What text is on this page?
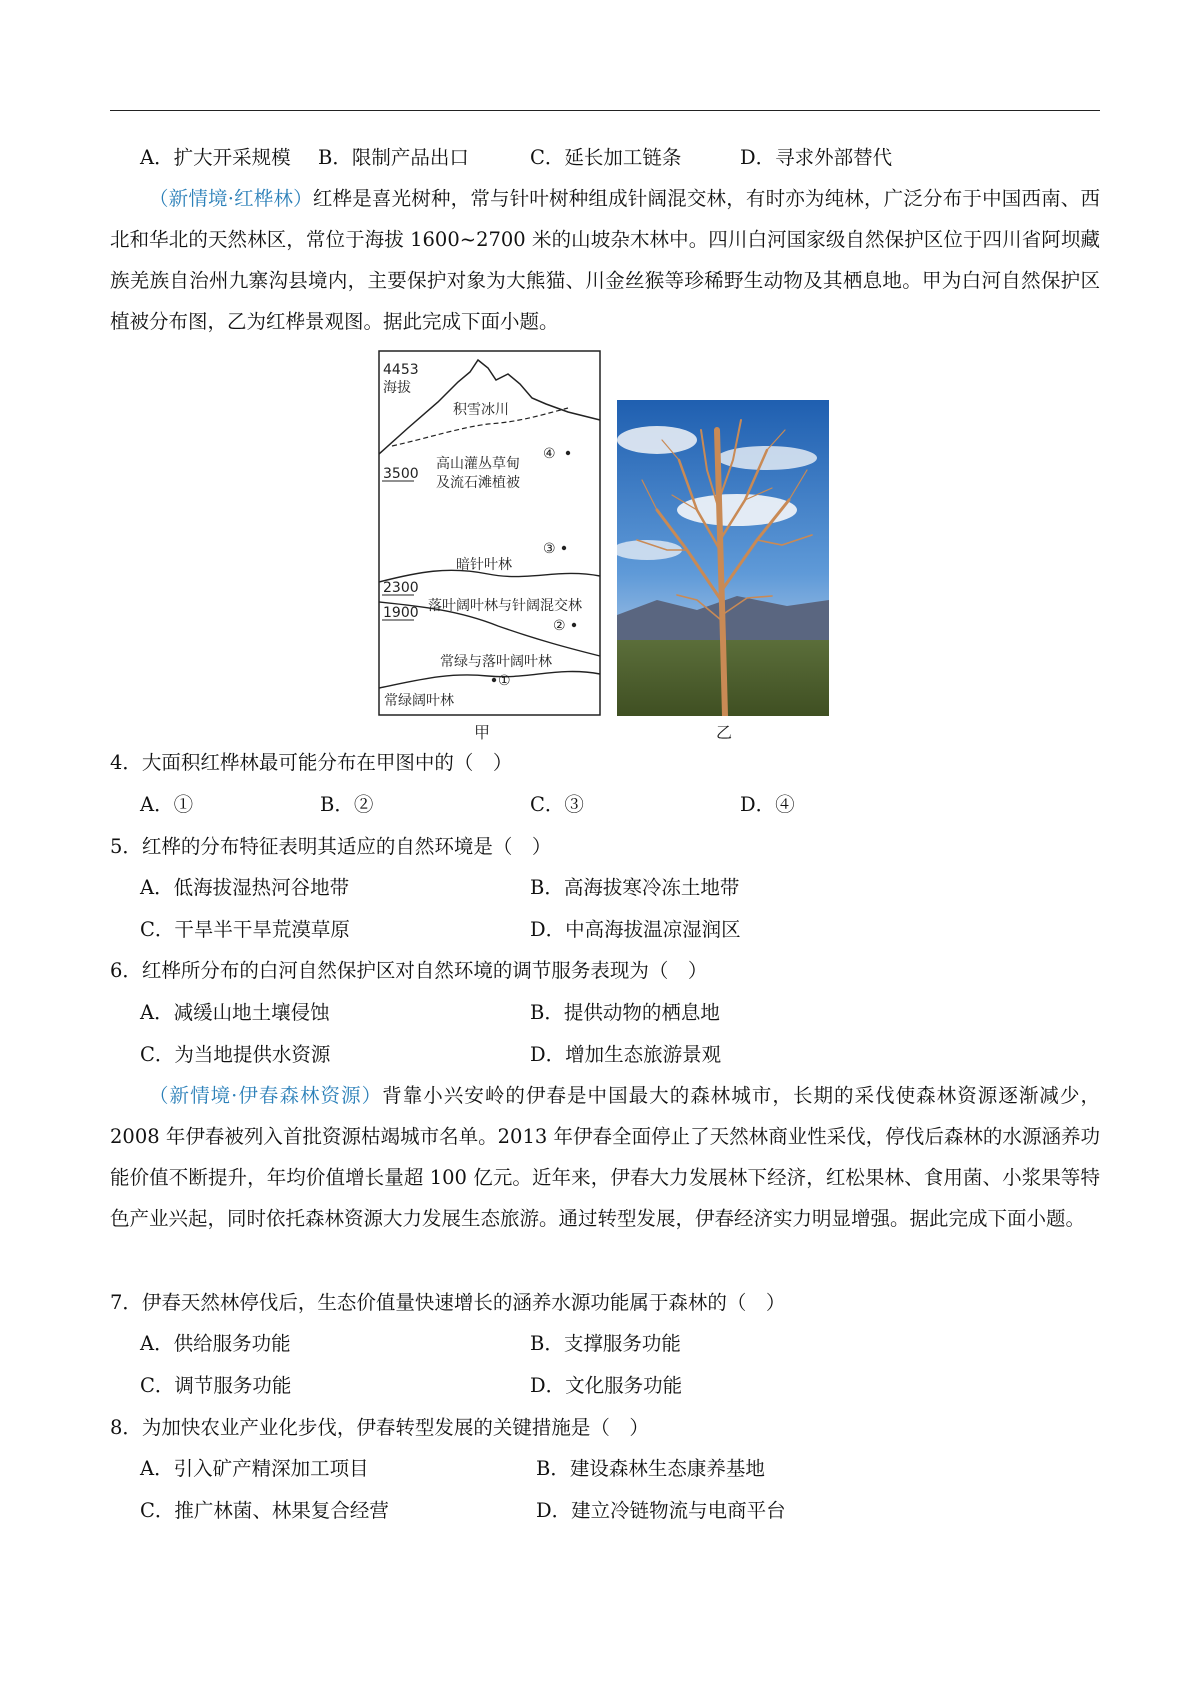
A．扩大开采规模 B．限制产品出口	C．延长加工链条	D．寻求外部替代
（新情境·红桦林）红桦是喜光树种，常与针叶树种组成针阔混交林，有时亦为纯林，广泛分布于中国西南、西北和华北的天然林区，常位于海拔 1600~2700 米的山坡杂木林中。四川白河国家级自然保护区位于四川省阿坝藏族羌族自治州九寨沟县境内，主要保护对象为大熊猫、川金丝猴等珍稀野生动物及其栖息地。甲为白河自然保护区植被分布图，乙为红桦景观图。据此完成下面小题。
4453
海拔
3500
2300
1900
积雪冰川
高山灌丛草甸
及流石滩植被
暗针叶林
落叶阔叶林与针阔混交林
常绿与落叶阔叶林
常绿阔叶林
④
③
②
①
甲	乙
4．大面积红桦林最可能分布在甲图中的（　）
A．①	B．②	C．③	D．④
5．红桦的分布特征表明其适应的自然环境是（　）
A．低海拔湿热河谷地带	B．高海拔寒冷冻土地带
C．干旱半干旱荒漠草原	D．中高海拔温凉湿润区
6．红桦所分布的白河自然保护区对自然环境的调节服务表现为（　）
A．减缓山地土壤侵蚀	B．提供动物的栖息地
C．为当地提供水资源	D．增加生态旅游景观
（新情境·伊春森林资源）背靠小兴安岭的伊春是中国最大的森林城市，长期的采伐使森林资源逐渐减少，2008 年伊春被列入首批资源枯竭城市名单。2013 年伊春全面停止了天然林商业性采伐，停伐后森林的水源涵养功能价值不断提升，年均价值增长量超 100 亿元。近年来，伊春大力发展林下经济，红松果林、食用菌、小浆果等特色产业兴起，同时依托森林资源大力发展生态旅游。通过转型发展，伊春经济实力明显增强。据此完成下面小题。
7．伊春天然林停伐后，生态价值量快速增长的涵养水源功能属于森林的（　）
A．供给服务功能	B．支撑服务功能
C．调节服务功能	D．文化服务功能
8．为加快农业产业化步伐，伊春转型发展的关键措施是（　）
A．引入矿产精深加工项目	B．建设森林生态康养基地
C．推广林菌、林果复合经营	D．建立冷链物流与电商平台
